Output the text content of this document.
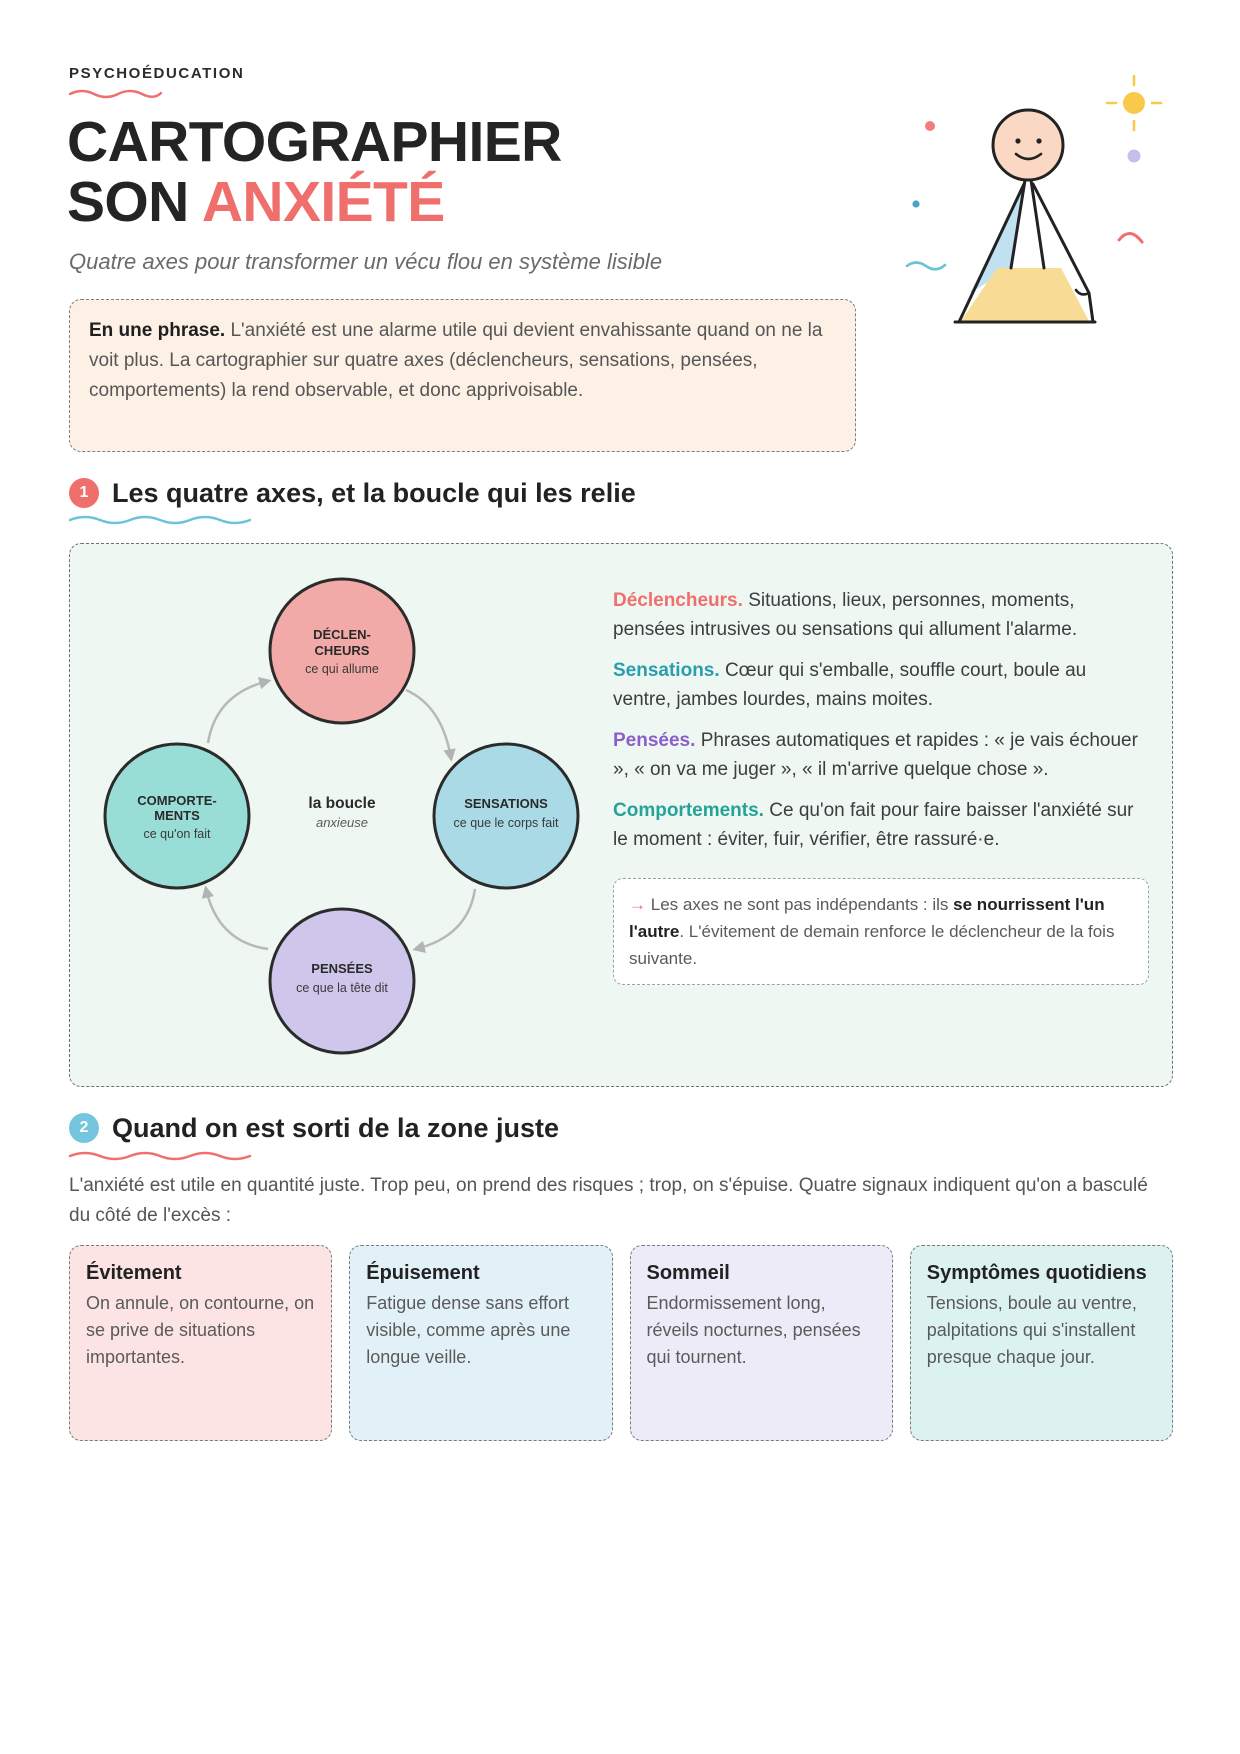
PSYCHOÉDUCATION
CARTOGRAPHIER
SON ANXIÉTÉ
Quatre axes pour transformer un vécu flou en système lisible
En une phrase. L'anxiété est une alarme utile qui devient envahissante quand on ne la voit plus. La cartographier sur quatre axes (déclencheurs, sensations, pensées, comportements) la rend observable, et donc apprivoisable.
1 Les quatre axes, et la boucle qui les relie
DÉCLEN-
CHEURS
ce qui allume
SENSATIONS
ce que le corps fait
PENSÉES
ce que la tête dit
COMPORTE-
MENTS
ce qu'on fait
la boucle
anxieuse

Déclencheurs. Situations, lieux, personnes, moments, pensées intrusives ou sensations qui allument l'alarme.

Sensations. Cœur qui s'emballe, souffle court, boule au ventre, jambes lourdes, mains moites.

Pensées. Phrases automatiques et rapides : « je vais échouer », « on va me juger », « il m'arrive quelque chose ».

Comportements. Ce qu'on fait pour faire baisser l'anxiété sur le moment : éviter, fuir, vérifier, être rassuré·e.

→ Les axes ne sont pas indépendants : ils se nourrissent l'un l'autre. L'évitement de demain renforce le déclencheur de la fois suivante.
2 Quand on est sorti de la zone juste

L'anxiété est utile en quantité juste. Trop peu, on prend des risques ; trop, on s'épuise. Quatre signaux indiquent qu'on a basculé du côté de l'excès :

Évitement
On annule, on contourne, on se prive de situations importantes.
Épuisement
Fatigue dense sans effort visible, comme après une longue veille.
Sommeil
Endormissement long, réveils nocturnes, pensées qui tournent.
Symptômes quotidiens
Tensions, boule au ventre, palpitations qui s'installent presque chaque jour.
